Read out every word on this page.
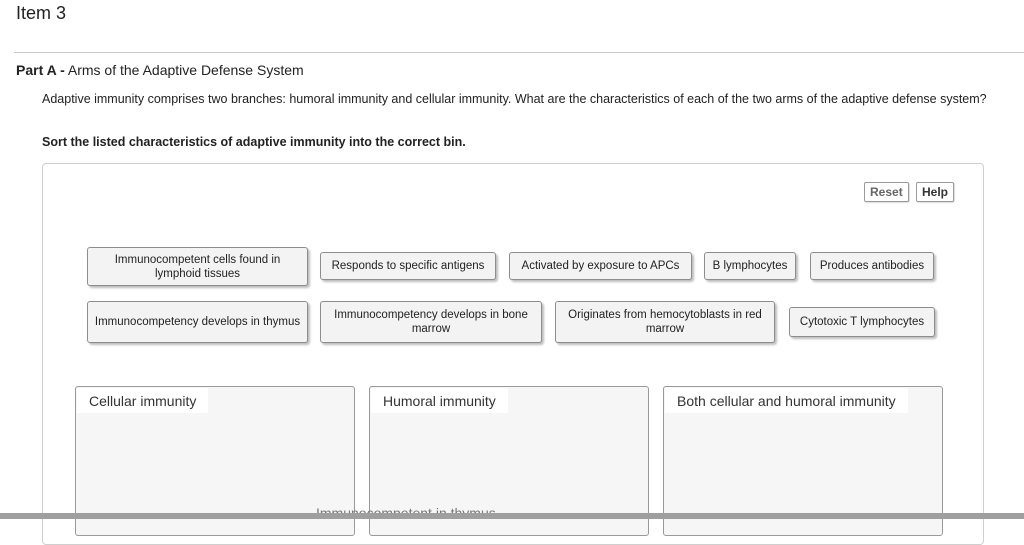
Item 3
Part A - Arms of the Adaptive Defense System
Adaptive immunity comprises two branches: humoral immunity and cellular immunity. What are the characteristics of each of the two arms of the adaptive defense system?
Sort the listed characteristics of adaptive immunity into the correct bin.
Reset	Help
Immunocompetent cells found in lymphoid tissues
Responds to specific antigens	Activated by exposure to APCs	B lymphocytes	Produces antibodies
Immunocompetency develops in thymus
Immunocompetency develops in bone marrow
Originates from hemocytoblasts in red marrow
Cytotoxic T lymphocytes
Cellular immunity	Humoral immunity	Both cellular and humoral immunity
